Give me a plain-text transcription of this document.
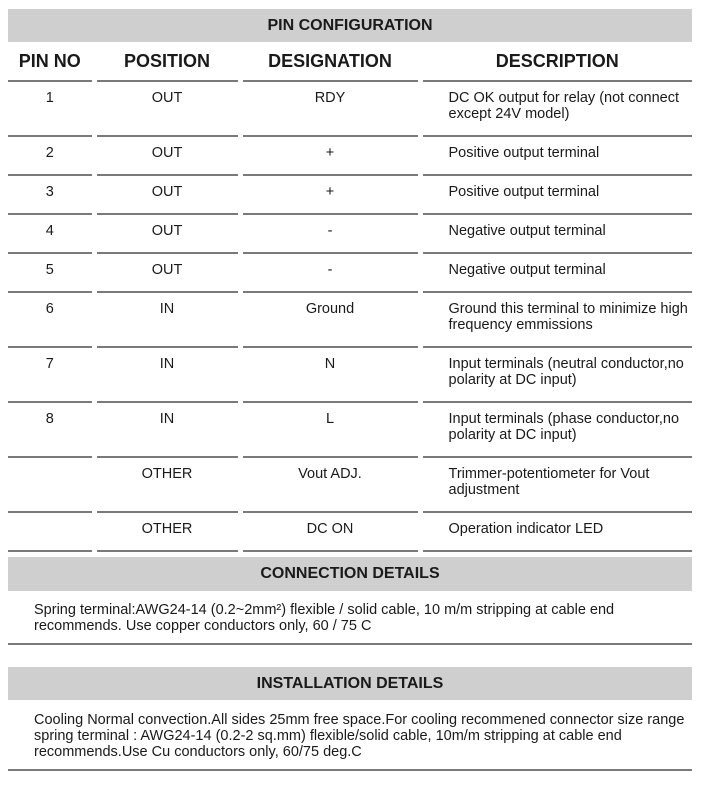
PIN CONFIGURATION
PIN NO	POSITION	DESIGNATION	DESCRIPTION
1	OUT	RDY	DC OK output for relay (not connect except 24V model)
2	OUT	+	Positive output terminal
3	OUT	+	Positive output terminal
4	OUT	-	Negative output terminal
5	OUT	-	Negative output terminal
6	IN	Ground	Ground this terminal to minimize high frequency emmissions
7	IN	N	Input terminals (neutral conductor,no polarity at DC input)
8	IN	L	Input terminals (phase conductor,no polarity at DC input)
	OTHER	Vout ADJ.	Trimmer-potentiometer for Vout adjustment
	OTHER	DC ON	Operation indicator LED
CONNECTION DETAILS
Spring terminal:AWG24-14 (0.2~2mm²) flexible / solid cable, 10 m/m stripping at cable end recommends. Use copper conductors only, 60 / 75 C
INSTALLATION DETAILS
Cooling Normal convection.All sides 25mm free space.For cooling recommened connector size range spring terminal : AWG24-14 (0.2-2 sq.mm) flexible/solid cable, 10m/m stripping at cable end recommends.Use Cu conductors only, 60/75 deg.C
